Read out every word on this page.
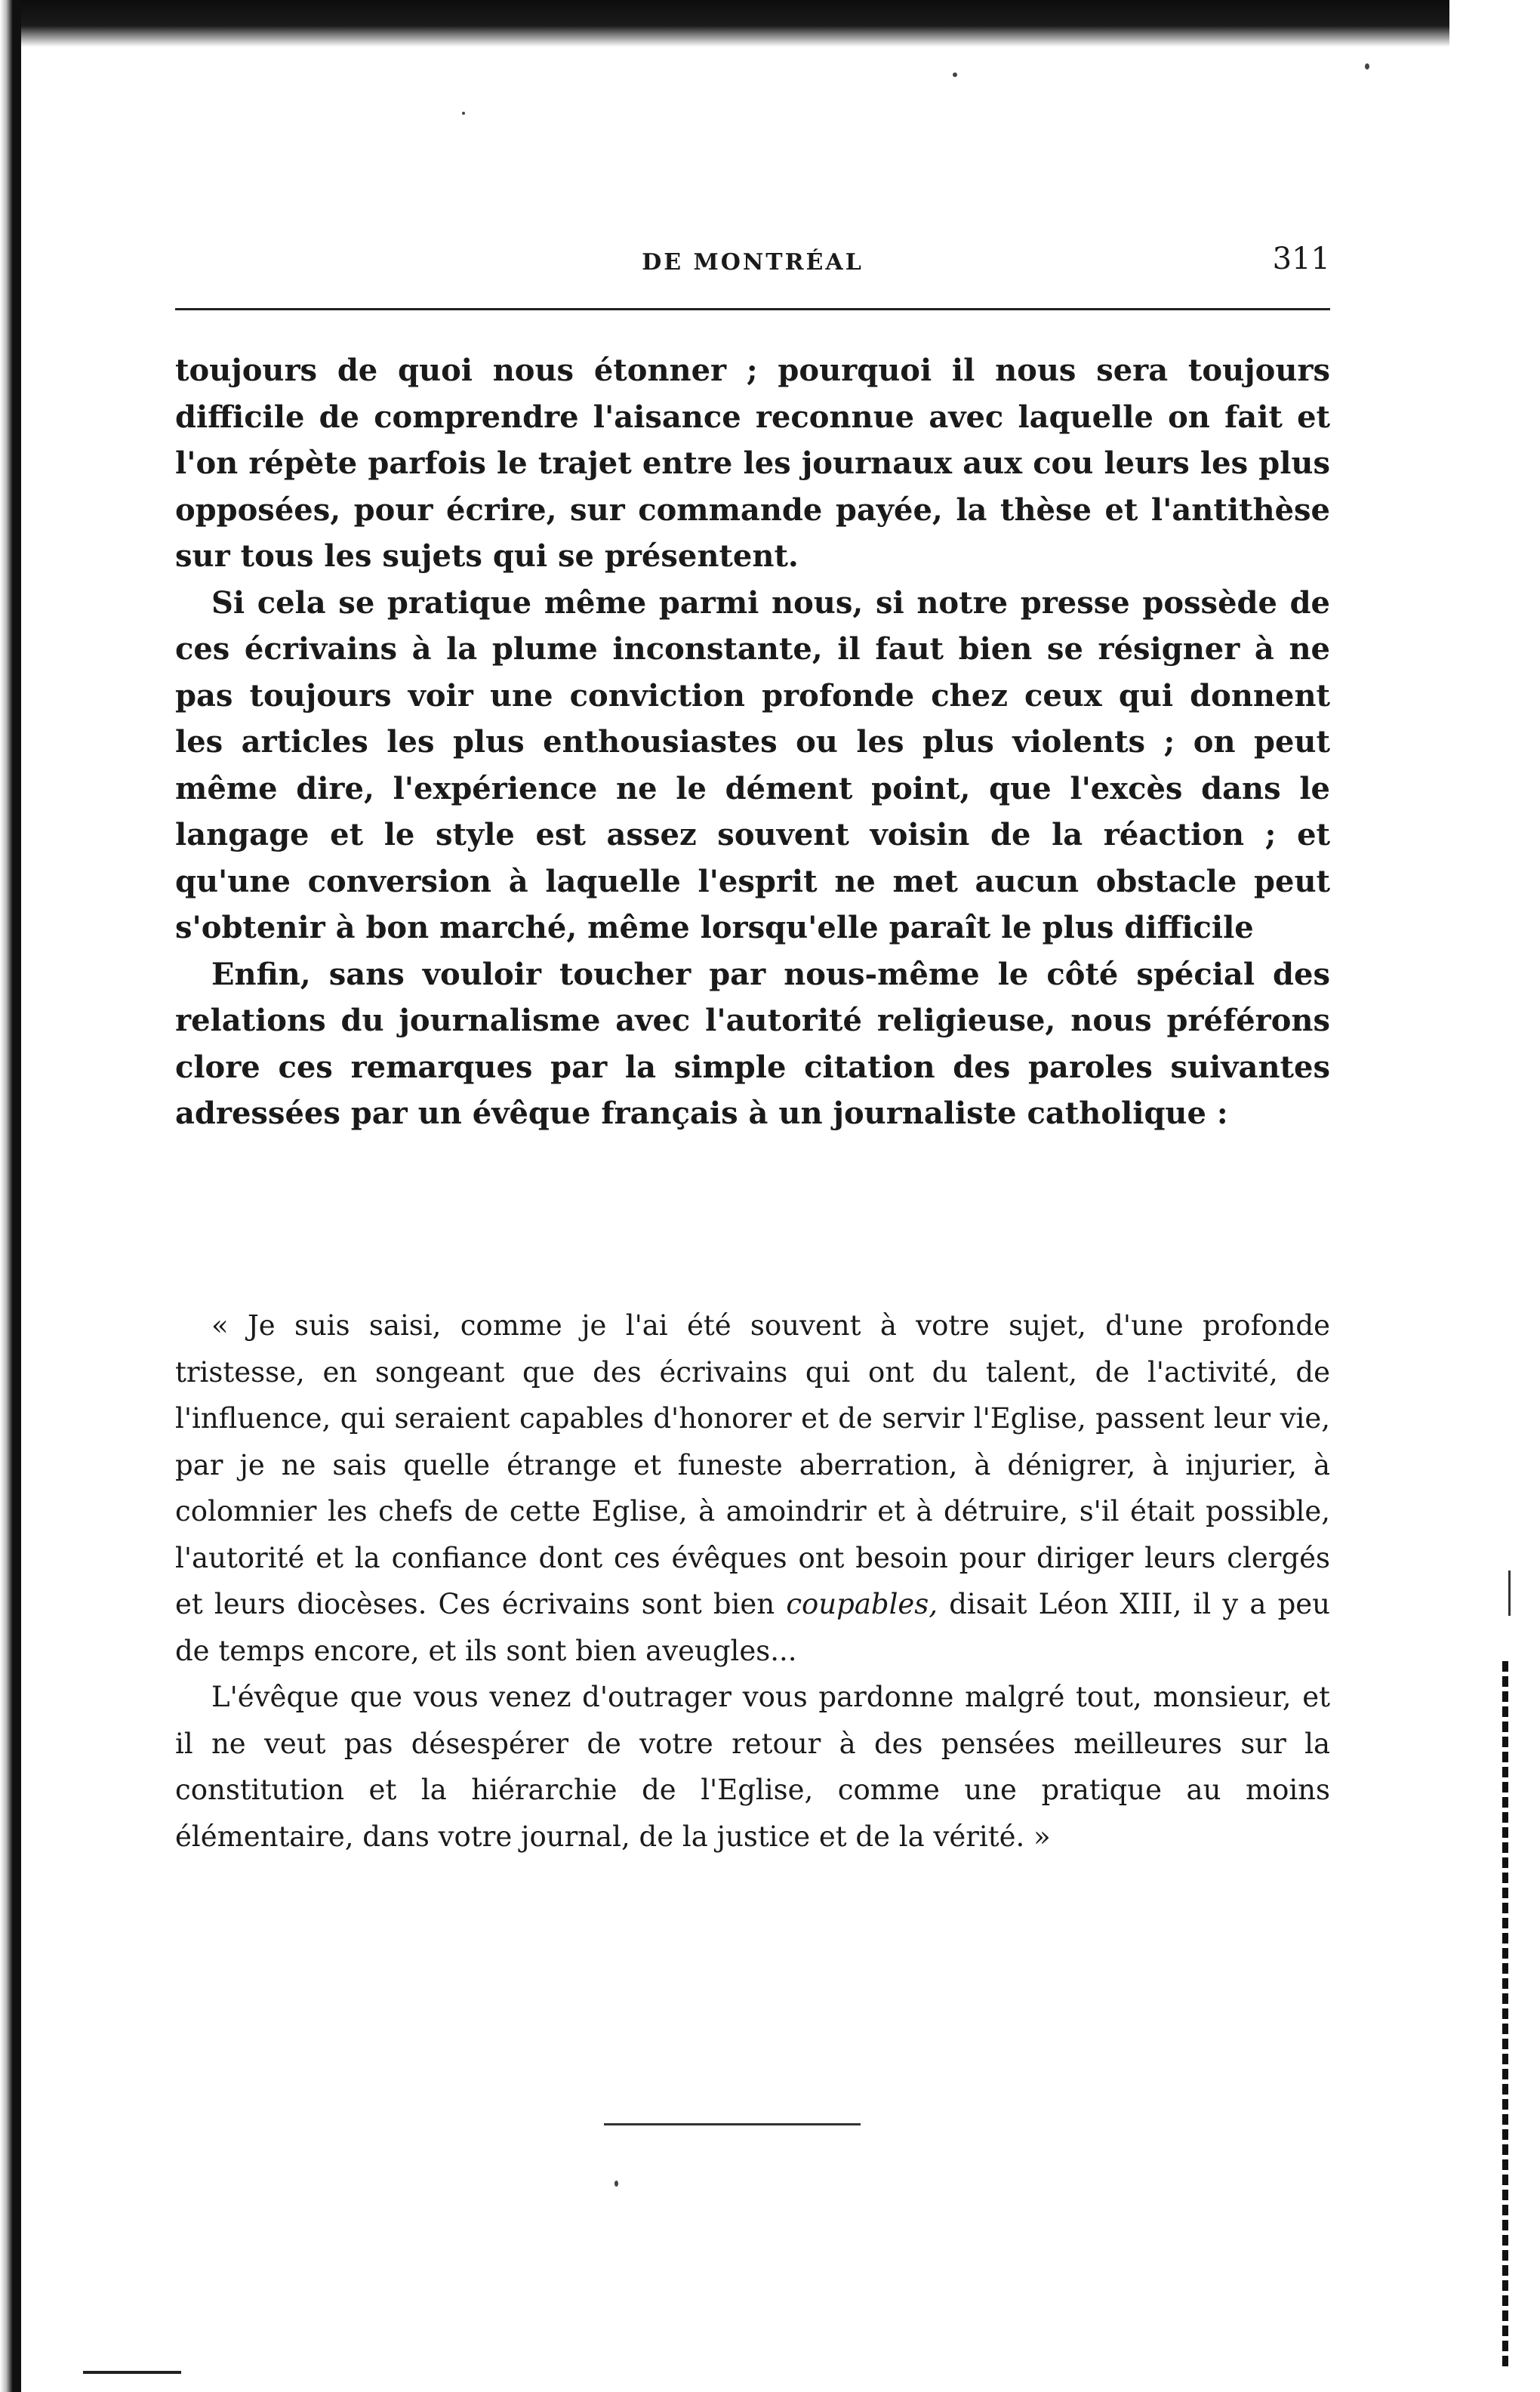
DE MONTRÉAL	311

toujours de quoi nous étonner ; pourquoi il nous sera toujours difficile de comprendre l'aisance reconnue avec laquelle on fait et l'on répète parfois le trajet entre les journaux aux cou leurs les plus opposées, pour écrire, sur commande payée, la thèse et l'antithèse sur tous les sujets qui se présentent.

Si cela se pratique même parmi nous, si notre presse possède de ces écrivains à la plume inconstante, il faut bien se résigner à ne pas toujours voir une conviction profonde chez ceux qui donnent les articles les plus enthousiastes ou les plus violents ; on peut même dire, l'expérience ne le dément point, que l'excès dans le langage et le style est assez souvent voisin de la réaction ; et qu'une conversion à laquelle l'esprit ne met aucun obstacle peut s'obtenir à bon marché, même lorsqu'elle paraît le plus difficile

Enfin, sans vouloir toucher par nous-même le côté spécial des relations du journalisme avec l'autorité religieuse, nous préférons clore ces remarques par la simple citation des paroles suivantes adressées par un évêque français à un journaliste catholique :

« Je suis saisi, comme je l'ai été souvent à votre sujet, d'une profonde tristesse, en songeant que des écrivains qui ont du talent, de l'activité, de l'influence, qui seraient capables d'honorer et de servir l'Eglise, passent leur vie, par je ne sais quelle étrange et funeste aberration, à dénigrer, à injurier, à colomnier les chefs de cette Eglise, à amoindrir et à détruire, s'il était possible, l'autorité et la confiance dont ces évêques ont besoin pour diriger leurs clergés et leurs diocèses. Ces écrivains sont bien coupables, disait Léon XIII, il y a peu de temps encore, et ils sont bien aveugles...

L'évêque que vous venez d'outrager vous pardonne malgré tout, monsieur, et il ne veut pas désespérer de votre retour à des pensées meilleures sur la constitution et la hiérarchie de l'Eglise, comme une pratique au moins élémentaire, dans votre journal, de la justice et de la vérité. »
